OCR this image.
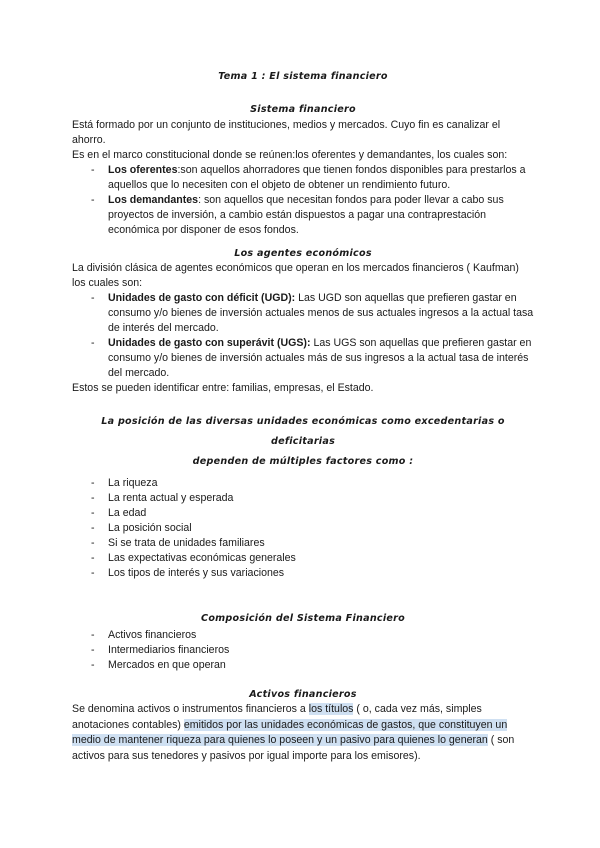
Tema 1 : El sistema financiero
Sistema financiero

Está formado por un conjunto de instituciones, medios y mercados. Cuyo fin es canalizar el ahorro.

Es en el marco constitucional donde se reúnen:los oferentes y demandantes, los cuales son:

- Los oferentes:son aquellos ahorradores que tienen fondos disponibles para prestarlos a aquellos que lo necesiten con el objeto de obtener un rendimiento futuro.
- Los demandantes: son aquellos que necesitan fondos para poder llevar a cabo sus proyectos de inversión, a cambio están dispuestos a pagar una contraprestación económica por disponer de esos fondos.
Los agentes económicos

La división clásica de agentes económicos que operan en los mercados financieros ( Kaufman) los cuales son:

- Unidades de gasto con déficit (UGD): Las UGD son aquellas que prefieren gastar en consumo y/o bienes de inversión actuales menos de sus actuales ingresos a la actual tasa de interés del mercado.
- Unidades de gasto con superávit (UGS): Las UGS son aquellas que prefieren gastar en consumo y/o bienes de inversión actuales más de sus ingresos a la actual tasa de interés del mercado.

Estos se pueden identificar entre: familias, empresas, el Estado.

La posición de las diversas unidades económicas como excedentarias o deficitarias
dependen de múltiples factores como :
- La riqueza
- La renta actual y esperada
- La edad
- La posición social
- Si se trata de unidades familiares
- Las expectativas económicas generales
- Los tipos de interés y sus variaciones
Composición del Sistema Financiero
- Activos financieros
- Intermediarios financieros
- Mercados en que operan
Activos financieros

Se denomina activos o instrumentos financieros a los títulos ( o, cada vez más, simples anotaciones contables) emitidos por las unidades económicas de gastos, que constituyen un medio de mantener riqueza para quienes lo poseen y un pasivo para quienes lo generan ( son activos para sus tenedores y pasivos por igual importe para los emisores).
